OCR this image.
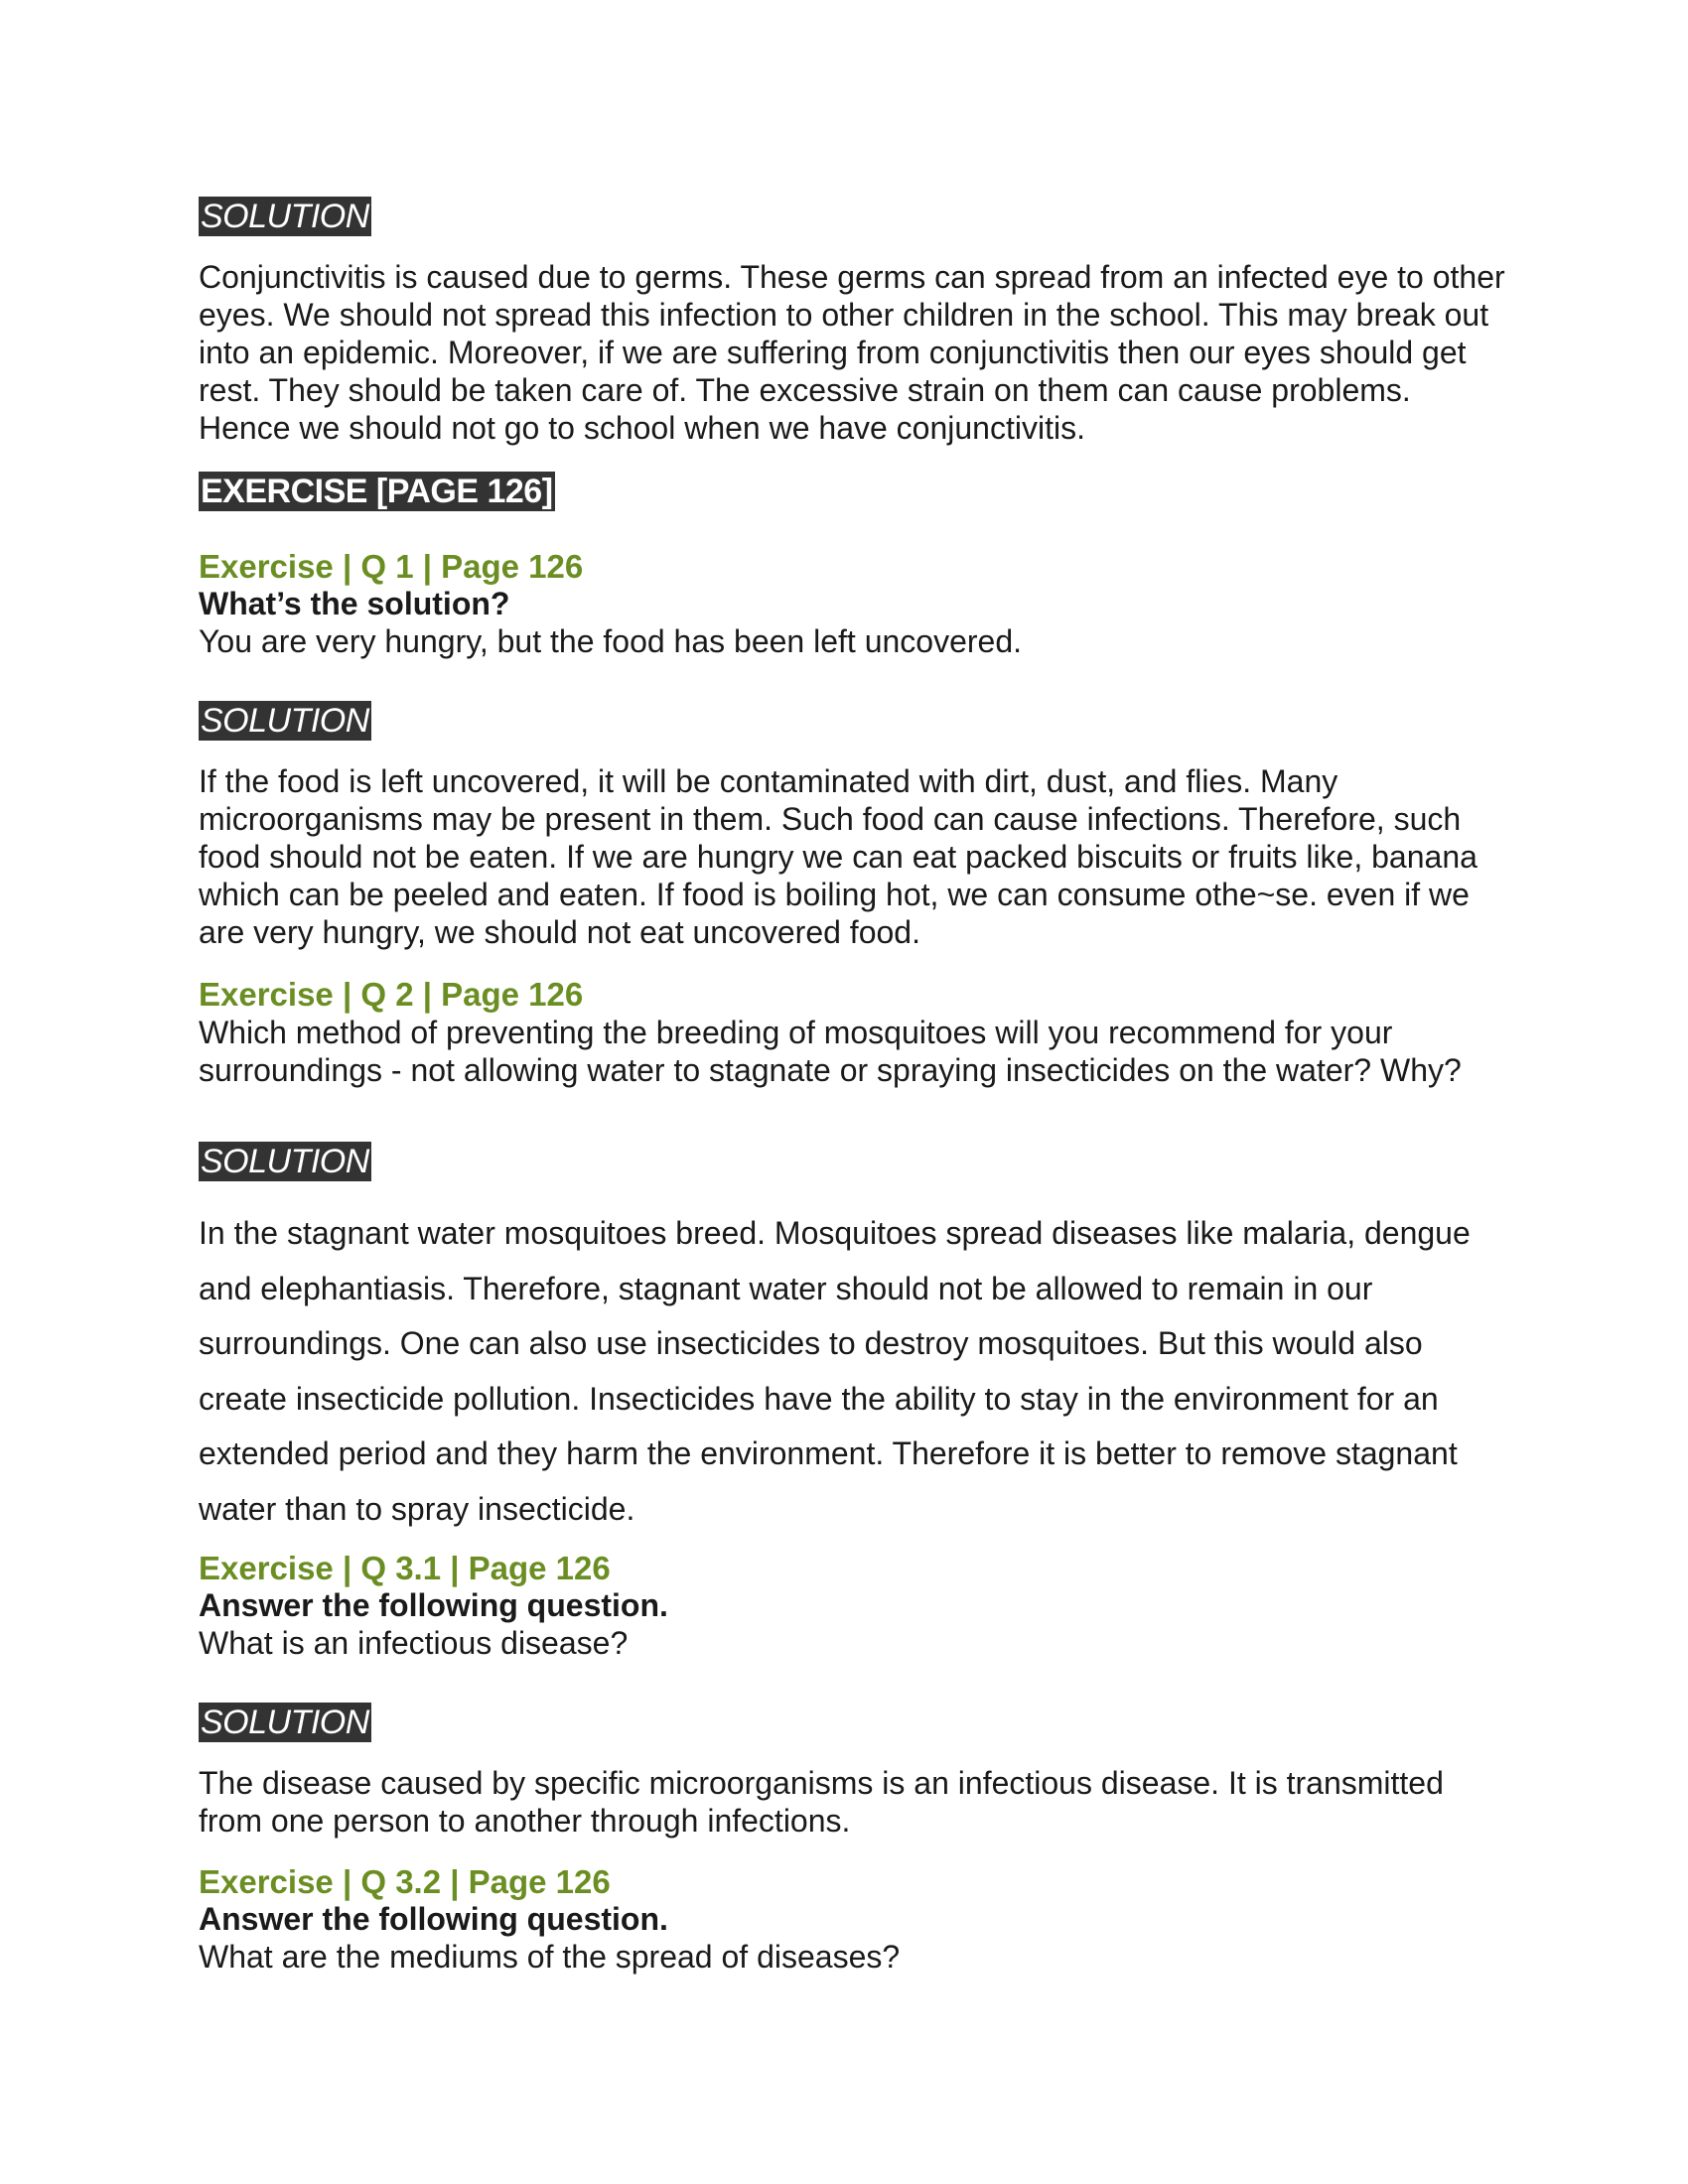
SOLUTION

Conjunctivitis is caused due to germs. These germs can spread from an infected eye to other eyes. We should not spread this infection to other children in the school. This may break out into an epidemic. Moreover, if we are suffering from conjunctivitis then our eyes should get rest. They should be taken care of. The excessive strain on them can cause problems. Hence we should not go to school when we have conjunctivitis.

EXERCISE [PAGE 126]

Exercise | Q 1 | Page 126

What’s the solution?

You are very hungry, but the food has been left uncovered.

SOLUTION

If the food is left uncovered, it will be contaminated with dirt, dust, and flies. Many microorganisms may be present in them. Such food can cause infections. Therefore, such food should not be eaten. If we are hungry we can eat packed biscuits or fruits like, banana which can be peeled and eaten. If food is boiling hot, we can consume othe~se. even if we are very hungry, we should not eat uncovered food.

Exercise | Q 2 | Page 126

Which method of preventing the breeding of mosquitoes will you recommend for your surroundings - not allowing water to stagnate or spraying insecticides on the water? Why?

SOLUTION

In the stagnant water mosquitoes breed. Mosquitoes spread diseases like malaria, dengue and elephantiasis. Therefore, stagnant water should not be allowed to remain in our surroundings. One can also use insecticides to destroy mosquitoes. But this would also create insecticide pollution. Insecticides have the ability to stay in the environment for an extended period and they harm the environment. Therefore it is better to remove stagnant water than to spray insecticide.

Exercise | Q 3.1 | Page 126

Answer the following question.

What is an infectious disease?

SOLUTION

The disease caused by specific microorganisms is an infectious disease. It is transmitted from one person to another through infections.

Exercise | Q 3.2 | Page 126

Answer the following question.

What are the mediums of the spread of diseases?
